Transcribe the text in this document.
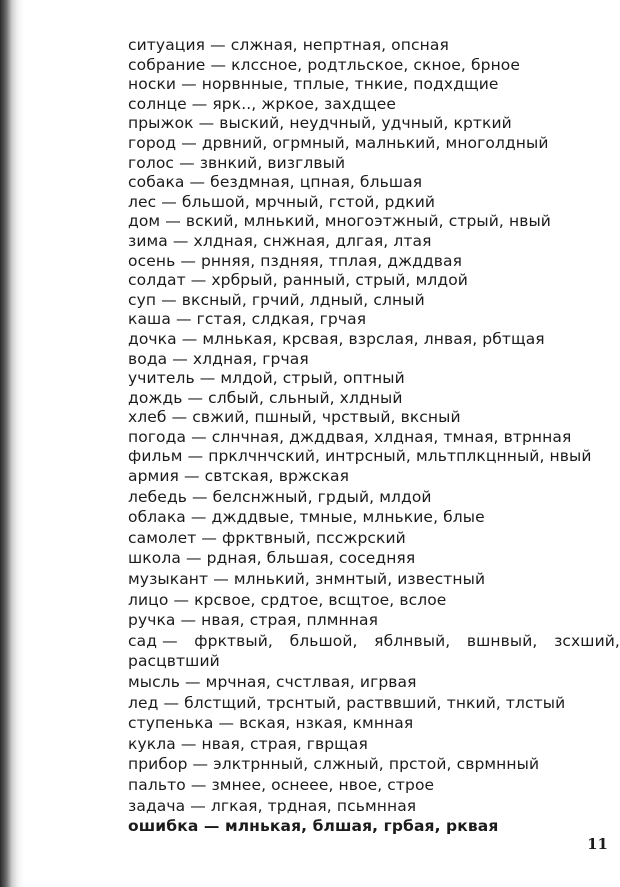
ситуация — слжная, непртная, опсная
собрание — клссное, родтльское, скное, брное
носки — норвнные, тплые, тнкие, подхдщие
солнце — ярк.., жркое, захдщее
прыжок — выский, неудчный, удчный, крткий
город — дрвний, огрмный, малнький, многолдный
голос — звнкий, визглвый
собака — бездмная, цпная, бльшая
лес — бльшой, мрчный, гстой, рдкий
дом — вский, млнький, многоэтжный, стрый, нвый
зима — хлдная, снжная, длгая, лтая
осень — рнняя, пздняя, тплая, джддвая
солдат — хрбрый, ранный, стрый, млдой
суп — вксный, грчий, лдный, слный
каша — гстая, слдкая, грчая
дочка — млнькая, крсвая, взрслая, лнвая, рбтщая
вода — хлдная, грчая
учитель — млдой, стрый, оптный
дождь — слбый, сльный, хлдный
хлеб — свжий, пшный, чрствый, вксный
погода — слнчная, джддвая, хлдная, тмная, втрнная
фильм — прклчнчский, интрсный, мльтплкцнный, нвый
армия — свтская, вржская
лебедь — белснжный, грдый, млдой
облака — джддвые, тмные, млнькие, блые
самолет — фрктвный, пссжрский
школа — рдная, бльшая, соседняя
музыкант — млнький, знмнтый, известный
лицо — крсвое, срдтое, всщтое, вслое
ручка — нвая, страя, плмнная
сад — фрктвый, бльшой, яблнвый, вшнвый, зсхший,
расцвтший
мысль — мрчная, счстлвая, игрвая
лед — блстщий, трснтый, растввший, тнкий, тлстый
ступенька — вская, нзкая, кмнная
кукла — нвая, страя, гврщая
прибор — элктрнный, слжный, прстой, сврмнный
пальто — змнее, оснеее, нвое, строе
задача — лгкая, трдная, псьмнная
ошибка — млнькая, блшая, грбая, рквая
11
